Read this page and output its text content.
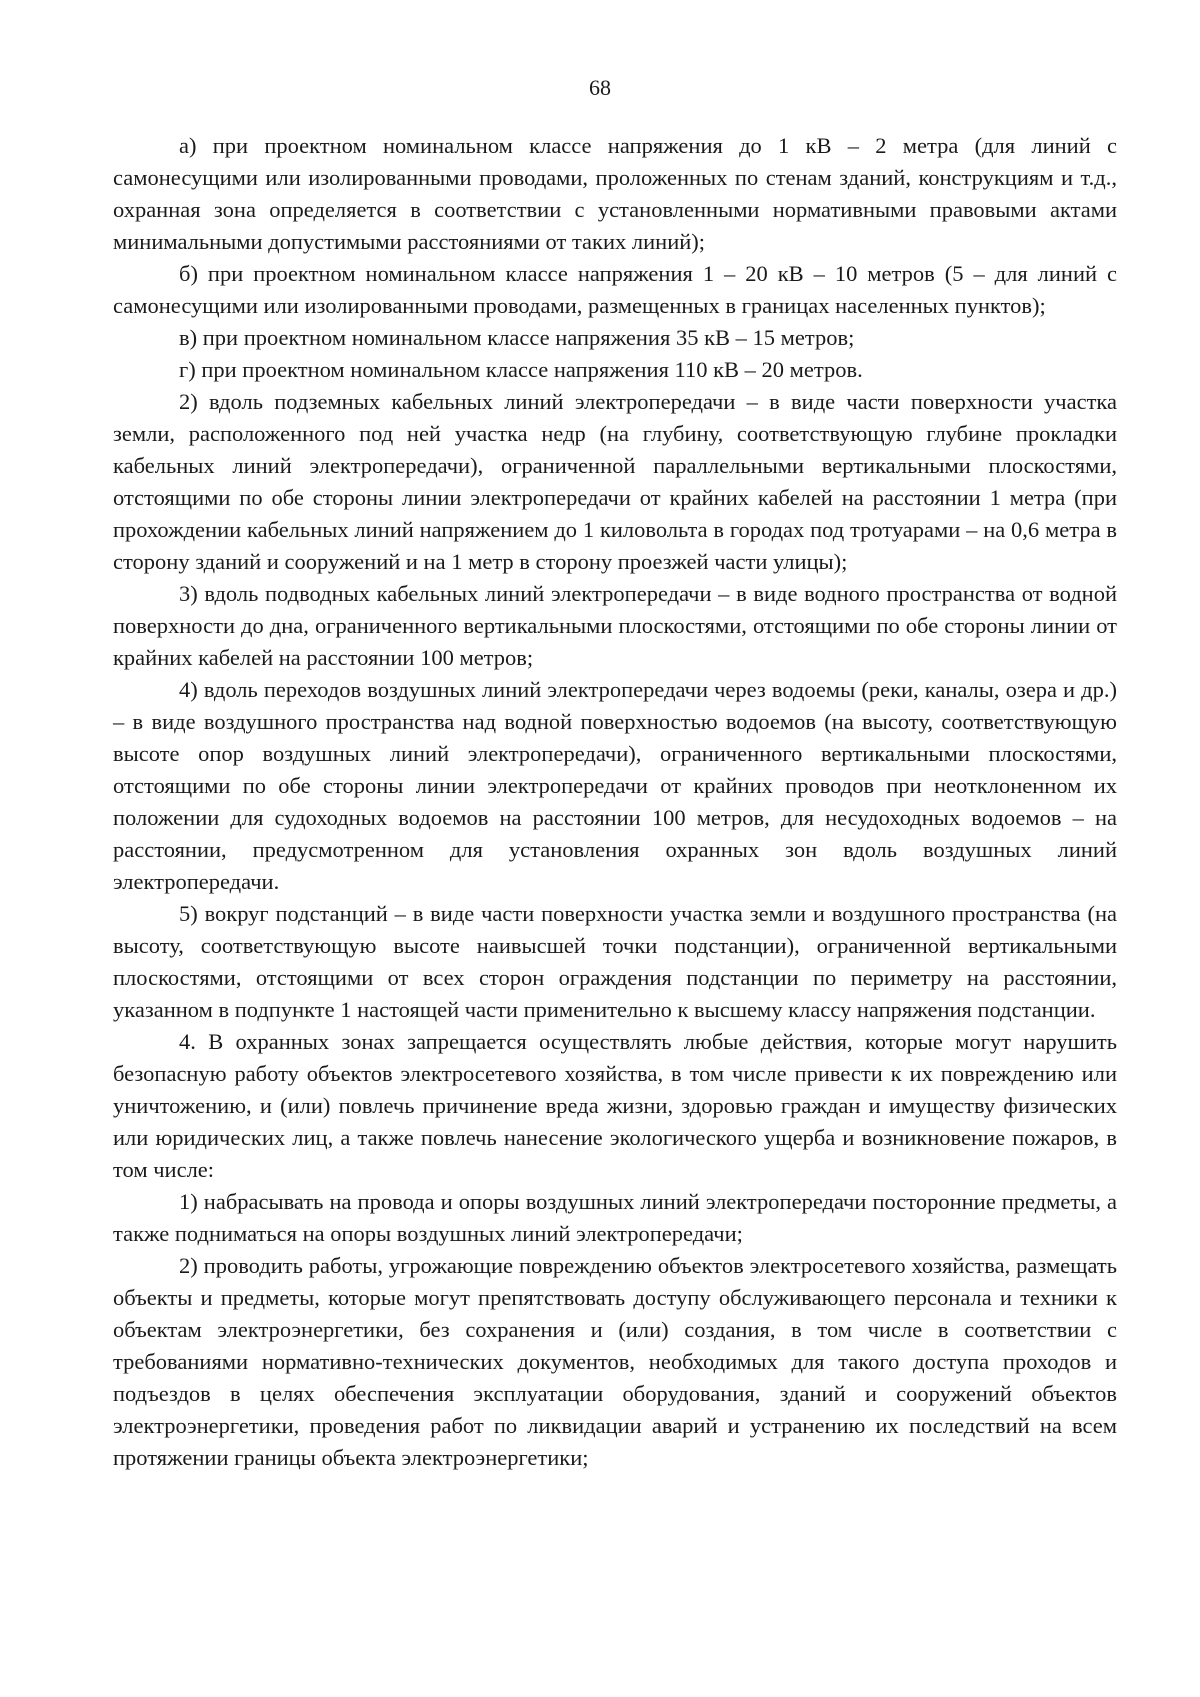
68

а) при проектном номинальном классе напряжения до 1 кВ – 2 метра (для линий с самонесущими или изолированными проводами, проложенных по стенам зданий, конструкциям и т.д., охранная зона определяется в соответствии с установленными нормативными правовыми актами минимальными допустимыми расстояниями от таких линий);

б) при проектном номинальном классе напряжения 1 – 20 кВ – 10 метров (5 – для линий с самонесущими или изолированными проводами, размещенных в границах населенных пунктов);

в) при проектном номинальном классе напряжения 35 кВ – 15 метров;

г) при проектном номинальном классе напряжения 110 кВ – 20 метров.

2) вдоль подземных кабельных линий электропередачи – в виде части поверхности участка земли, расположенного под ней участка недр (на глубину, соответствующую глубине прокладки кабельных линий электропередачи), ограниченной параллельными вертикальными плоскостями, отстоящими по обе стороны линии электропередачи от крайних кабелей на расстоянии 1 метра (при прохождении кабельных линий напряжением до 1 киловольта в городах под тротуарами – на 0,6 метра в сторону зданий и сооружений и на 1 метр в сторону проезжей части улицы);

3) вдоль подводных кабельных линий электропередачи – в виде водного пространства от водной поверхности до дна, ограниченного вертикальными плоскостями, отстоящими по обе стороны линии от крайних кабелей на расстоянии 100 метров;

4) вдоль переходов воздушных линий электропередачи через водоемы (реки, каналы, озера и др.) – в виде воздушного пространства над водной поверхностью водоемов (на высоту, соответствующую высоте опор воздушных линий электропередачи), ограниченного вертикальными плоскостями, отстоящими по обе стороны линии электропередачи от крайних проводов при неотклоненном их положении для судоходных водоемов на расстоянии 100 метров, для несудоходных водоемов – на расстоянии, предусмотренном для установления охранных зон вдоль воздушных линий электропередачи.

5) вокруг подстанций – в виде части поверхности участка земли и воздушного пространства (на высоту, соответствующую высоте наивысшей точки подстанции), ограниченной вертикальными плоскостями, отстоящими от всех сторон ограждения подстанции по периметру на расстоянии, указанном в подпункте 1 настоящей части применительно к высшему классу напряжения подстанции.

4. В охранных зонах запрещается осуществлять любые действия, которые могут нарушить безопасную работу объектов электросетевого хозяйства, в том числе привести к их повреждению или уничтожению, и (или) повлечь причинение вреда жизни, здоровью граждан и имуществу физических или юридических лиц, а также повлечь нанесение экологического ущерба и возникновение пожаров, в том числе:

1) набрасывать на провода и опоры воздушных линий электропередачи посторонние предметы, а также подниматься на опоры воздушных линий электропередачи;

2) проводить работы, угрожающие повреждению объектов электросетевого хозяйства, размещать объекты и предметы, которые могут препятствовать доступу обслуживающего персонала и техники к объектам электроэнергетики, без сохранения и (или) создания, в том числе в соответствии с требованиями нормативно-технических документов, необходимых для такого доступа проходов и подъездов в целях обеспечения эксплуатации оборудования, зданий и сооружений объектов электроэнергетики, проведения работ по ликвидации аварий и устранению их последствий на всем протяжении границы объекта электроэнергетики;
